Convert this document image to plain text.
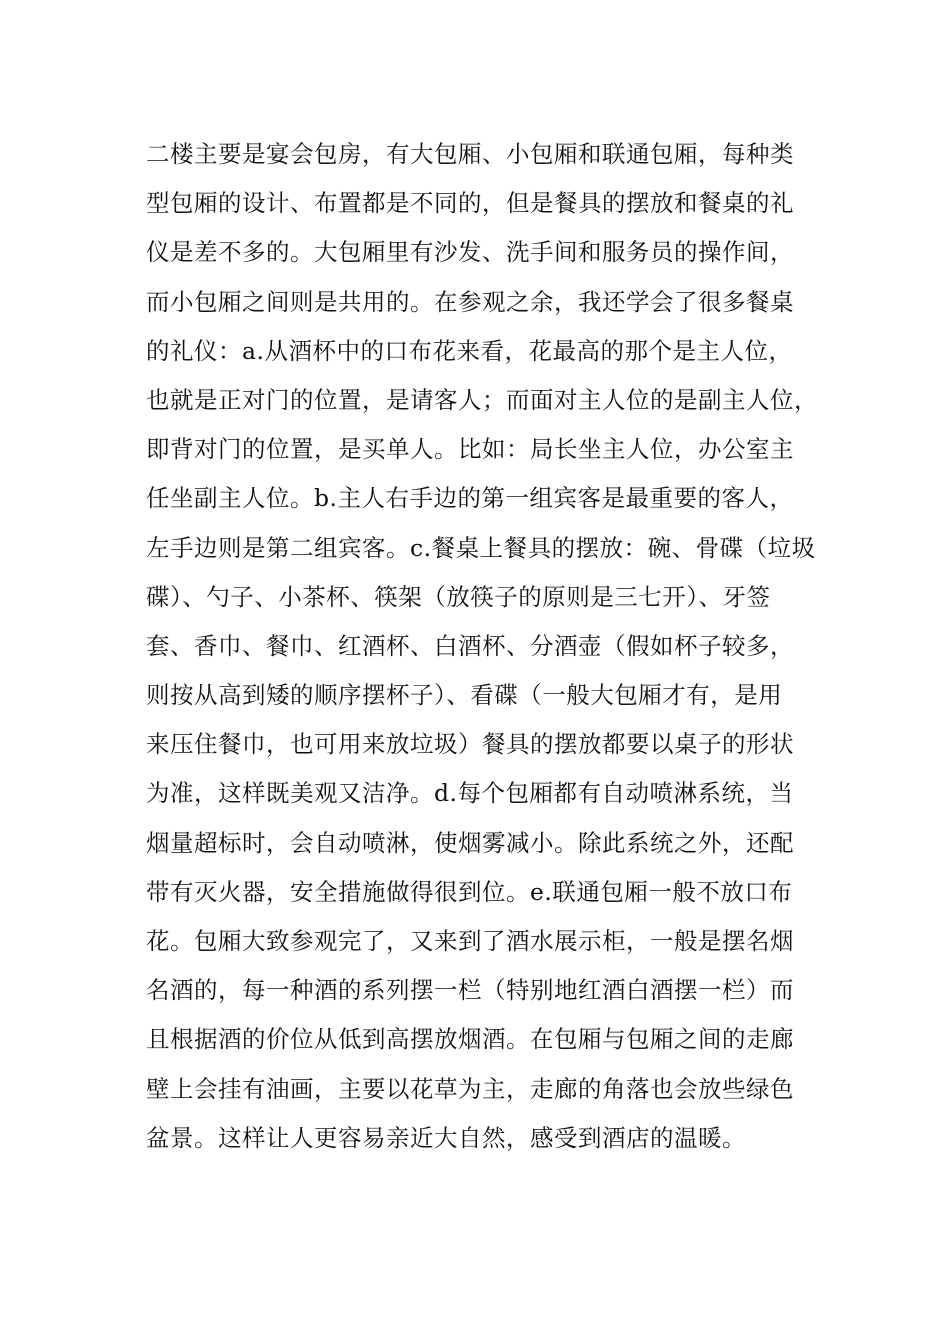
二楼主要是宴会包房，有大包厢、小包厢和联通包厢，每种类
型包厢的设计、布置都是不同的，但是餐具的摆放和餐桌的礼
仪是差不多的。大包厢里有沙发、洗手间和服务员的操作间，
而小包厢之间则是共用的。在参观之余，我还学会了很多餐桌
的礼仪：a.从酒杯中的口布花来看，花最高的那个是主人位，
也就是正对门的位置，是请客人；而面对主人位的是副主人位，
即背对门的位置，是买单人。比如：局长坐主人位，办公室主
任坐副主人位。b.主人右手边的第一组宾客是最重要的客人，
左手边则是第二组宾客。c.餐桌上餐具的摆放：碗、骨碟（垃圾
碟）、勺子、小茶杯、筷架（放筷子的原则是三七开）、牙签
套、香巾、餐巾、红酒杯、白酒杯、分酒壶（假如杯子较多，
则按从高到矮的顺序摆杯子）、看碟（一般大包厢才有，是用
来压住餐巾，也可用来放垃圾）餐具的摆放都要以桌子的形状
为准，这样既美观又洁净。d.每个包厢都有自动喷淋系统，当
烟量超标时，会自动喷淋，使烟雾减小。除此系统之外，还配
带有灭火器，安全措施做得很到位。e.联通包厢一般不放口布
花。包厢大致参观完了，又来到了酒水展示柜，一般是摆名烟
名酒的，每一种酒的系列摆一栏（特别地红酒白酒摆一栏）而
且根据酒的价位从低到高摆放烟酒。在包厢与包厢之间的走廊
壁上会挂有油画，主要以花草为主，走廊的角落也会放些绿色
盆景。这样让人更容易亲近大自然，感受到酒店的温暖。
